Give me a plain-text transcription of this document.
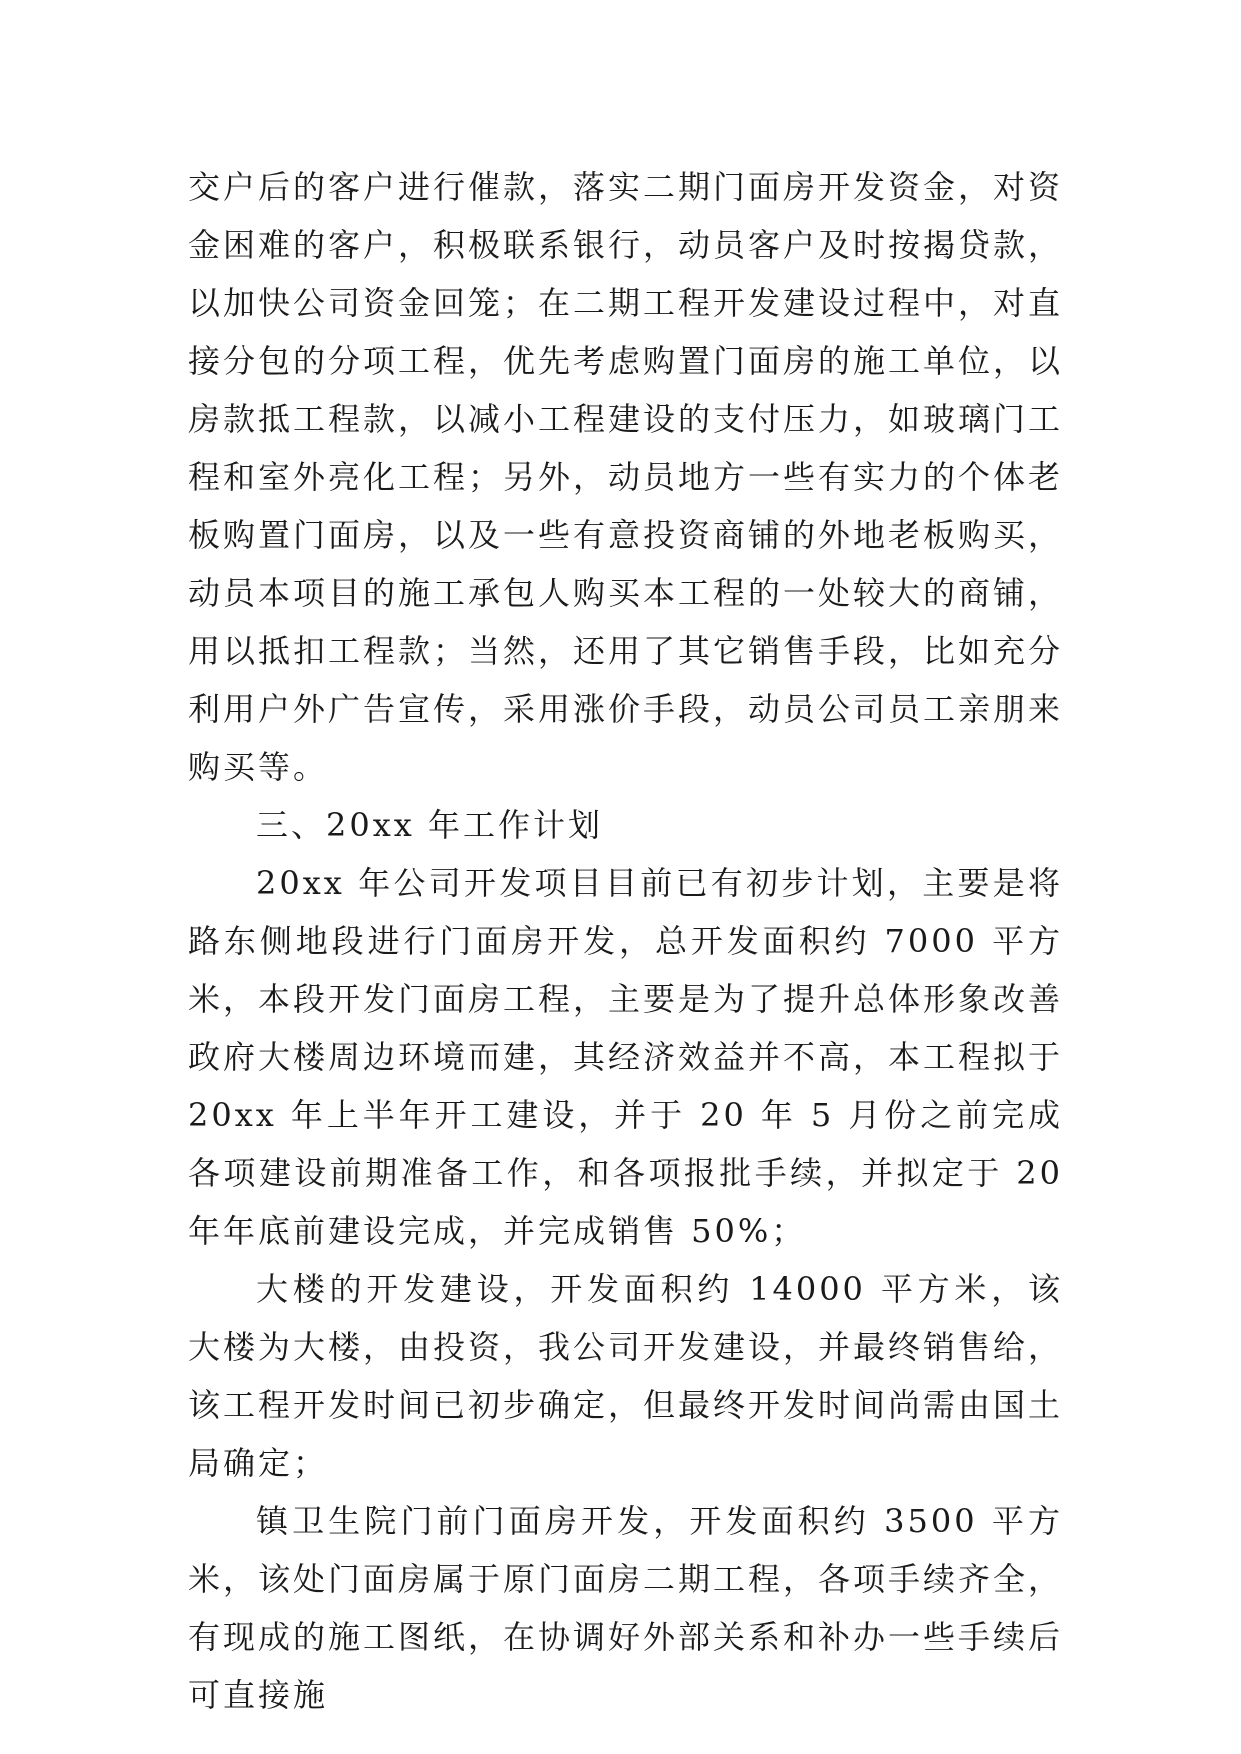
交户后的客户进行催款，落实二期门面房开发资金，对资金困难的客户，积极联系银行，动员客户及时按揭贷款，以加快公司资金回笼；在二期工程开发建设过程中，对直接分包的分项工程，优先考虑购置门面房的施工单位，以房款抵工程款，以减小工程建设的支付压力，如玻璃门工程和室外亮化工程；另外，动员地方一些有实力的个体老板购置门面房，以及一些有意投资商铺的外地老板购买，动员本项目的施工承包人购买本工程的一处较大的商铺，用以抵扣工程款；当然，还用了其它销售手段，比如充分利用户外广告宣传，采用涨价手段，动员公司员工亲朋来购买等。

三、20xx 年工作计划

20xx 年公司开发项目目前已有初步计划，主要是将路东侧地段进行门面房开发，总开发面积约 7000 平方米，本段开发门面房工程，主要是为了提升总体形象改善政府大楼周边环境而建，其经济效益并不高，本工程拟于 20xx 年上半年开工建设，并于 20 年 5 月份之前完成各项建设前期准备工作，和各项报批手续，并拟定于 20 年年底前建设完成，并完成销售 50%；

大楼的开发建设，开发面积约 14000 平方米，该大楼为大楼，由投资，我公司开发建设，并最终销售给，该工程开发时间已初步确定，但最终开发时间尚需由国土局确定；

镇卫生院门前门面房开发，开发面积约 3500 平方米，该处门面房属于原门面房二期工程，各项手续齐全，有现成的施工图纸，在协调好外部关系和补办一些手续后可直接施
